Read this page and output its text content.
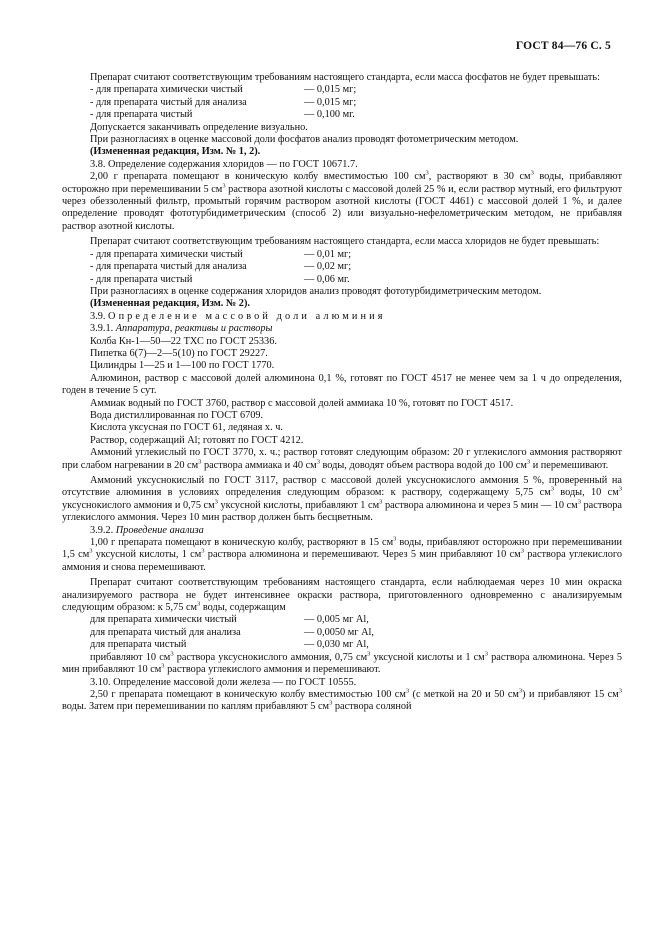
ГОСТ 84—76 С. 5

Препарат считают соответствующим требованиям настоящего стандарта, если масса фосфатов не будет превышать:

- для препарата химически чистый	— 0,015 мг;
- для препарата чистый для анализа	— 0,015 мг;
- для препарата чистый	— 0,100 мг.

Допускается заканчивать определение визуально.

При разногласиях в оценке массовой доли фосфатов анализ проводят фотометрическим методом.

(Измененная редакция, Изм. № 1, 2).

3.8. Определение содержания хлоридов — по ГОСТ 10671.7.

2,00 г препарата помещают в коническую колбу вместимостью 100 $см^3$, растворяют в 30 $см^3$ воды, прибавляют осторожно при перемешивании 5 $см^3$ раствора азотной кислоты с массовой долей 25 % и, если раствор мутный, его фильтруют через обеззоленный фильтр, промытый горячим раствором азотной кислоты (ГОСТ 4461) с массовой долей 1 %, и далее определение проводят фототурбидиметрическим (способ 2) или визуально-нефелометрическим методом, не прибавляя раствор азотной кислоты.

Препарат считают соответствующим требованиям настоящего стандарта, если масса хлоридов не будет превышать:

- для препарата химически чистый	— 0,01 мг;
- для препарата чистый для анализа	— 0,02 мг;
- для препарата чистый	— 0,06 мг.

При разногласиях в оценке содержания хлоридов анализ проводят фототурбидиметрическим методом.

(Измененная редакция, Изм. № 2).

3.9. Определение массовой доли алюминия

3.9.1. Аппаратура, реактивы и растворы

Колба Кн-1—50—22 ТХС по ГОСТ 25336.

Пипетка 6(7)—2—5(10) по ГОСТ 29227.

Цилиндры 1—25 и 1—100 по ГОСТ 1770.

Алюминон, раствор с массовой долей алюминона 0,1 %, готовят по ГОСТ 4517 не менее чем за 1 ч до определения, годен в течение 5 сут.

Аммиак водный по ГОСТ 3760, раствор с массовой долей аммиака 10 %, готовят по ГОСТ 4517.

Вода дистиллированная по ГОСТ 6709.

Кислота уксусная по ГОСТ 61, ледяная х. ч.

Раствор, содержащий Al; готовят по ГОСТ 4212.

Аммоний углекислый по ГОСТ 3770, х. ч.; раствор готовят следующим образом: 20 г углекислого аммония растворяют при слабом нагревании в 20 $см^3$ раствора аммиака и 40 $см^3$ воды, доводят объем раствора водой до 100 $см^3$ и перемешивают.

Аммоний уксуснокислый по ГОСТ 3117, раствор с массовой долей уксуснокислого аммония 5 %, проверенный на отсутствие алюминия в условиях определения следующим образом: к раствору, содержащему 5,75 $см^3$ воды, 10 $см^3$ уксуснокислого аммония и 0,75 $см^3$ уксусной кислоты, прибавляют 1 $см^3$ раствора алюминона и через 5 мин — 10 $см^3$ раствора углекислого аммония. Через 10 мин раствор должен быть бесцветным.

3.9.2. Проведение анализа

1,00 г препарата помещают в коническую колбу, растворяют в 15 $см^3$ воды, прибавляют осторожно при перемешивании 1,5 $см^3$ уксусной кислоты, 1 $см^3$ раствора алюминона и перемешивают. Через 5 мин прибавляют 10 $см^3$ раствора углекислого аммония и снова перемешивают.

Препарат считают соответствующим требованиям настоящего стандарта, если наблюдаемая через 10 мин окраска анализируемого раствора не будет интенсивнее окраски раствора, приготовленного одновременно с анализируемым следующим образом: к 5,75 $см^3$ воды, содержащим

для препарата химически чистый	— 0,005 мг Al,
для препарата чистый для анализа	— 0,0050 мг Al,
для препарата чистый	— 0,030 мг Al,

прибавляют 10 $см^3$ раствора уксуснокислого аммония, 0,75 $см^3$ уксусной кислоты и 1 $см^3$ раствора алюминона. Через 5 мин прибавляют 10 $см^3$ раствора углекислого аммония и перемешивают.

3.10. Определение массовой доли железа — по ГОСТ 10555.

2,50 г препарата помещают в коническую колбу вместимостью 100 $см^3$ (с меткой на 20 и 50 $см^3$) и прибавляют 15 $см^3$ воды. Затем при перемешивании по каплям прибавляют 5 $см^3$ раствора соляной
